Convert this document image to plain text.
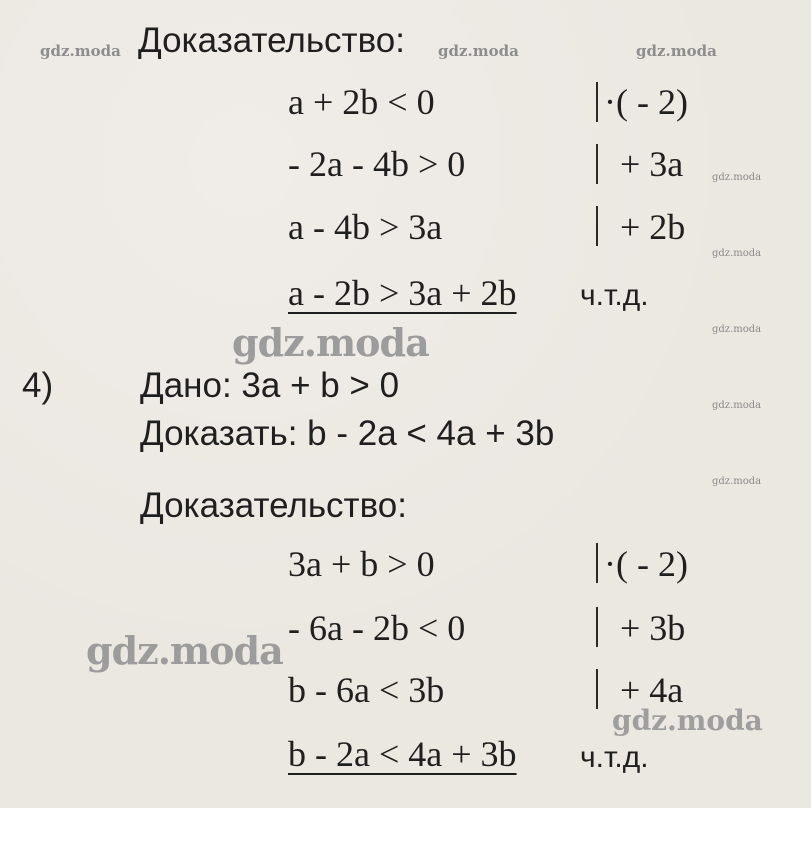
Доказательство:
a + 2b < 0	·( - 2)
- 2a - 4b > 0	+ 3a
a - 4b > 3a	+ 2b
a - 2b > 3a + 2b ч.т.д.
4) Дано: 3a + b > 0
Доказать: b - 2a < 4a + 3b
Доказательство:
3a + b > 0	·( - 2)
- 6a - 2b < 0	+ 3b
b - 6a < 3b	+ 4a
b - 2a < 4a + 3b ч.т.д.
gdz.moda	gdz.moda	gdz.moda
gdz.moda
gdz.moda
gdz.moda
gdz.moda
gdz.moda
gdz.moda
gdz.moda
gdz.moda
